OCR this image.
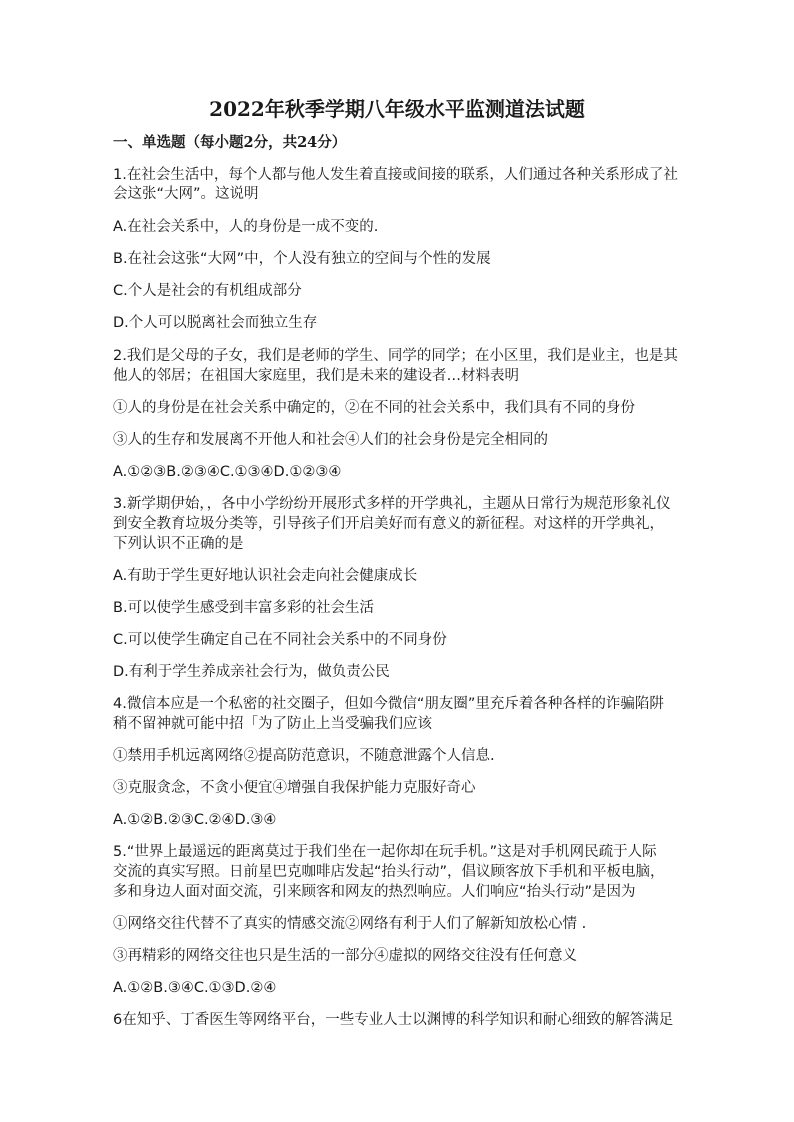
2022年秋季学期八年级水平监测道法试题
一、单选题（每小题2分，共24分）
1.在社会生活中，每个人都与他人发生着直接或间接的联系，人们通过各种关系形成了社
会这张“大网”。这说明
A.在社会关系中，人的身份是一成不变的.
B.在社会这张“大网”中，个人没有独立的空间与个性的发展
C.个人是社会的有机组成部分
D.个人可以脱离社会而独立生存
2.我们是父母的子女，我们是老师的学生、同学的同学；在小区里，我们是业主，也是其
他人的邻居；在祖国大家庭里，我们是未来的建设者…材料表明
①人的身份是在社会关系中确定的，②在不同的社会关系中，我们具有不同的身份
③人的生存和发展离不开他人和社会④人们的社会身份是完全相同的
A.①②③B.②③④C.①③④D.①②③④
3.新学期伊始，，各中小学纷纷开展形式多样的开学典礼，主题从日常行为规范形象礼仪
到安全教育垃圾分类等，引导孩子们开启美好而有意义的新征程。对这样的开学典礼，
下列认识不正确的是
A.有助于学生更好地认识社会走向社会健康成长
B.可以使学生感受到丰富多彩的社会生活
C.可以使学生确定自己在不同社会关系中的不同身份
D.有利于学生养成亲社会行为，做负责公民
4.微信本应是一个私密的社交圈子，但如今微信“朋友圈”里充斥着各种各样的诈骗陷阱
稍不留神就可能中招「为了防止上当受骗我们应该
①禁用手机远离网络②提高防范意识，不随意泄露个人信息.
③克服贪念，不贪小便宜④增强自我保护能力克服好奇心
A.①②B.②③C.②④D.③④
5.“世界上最遥远的距离莫过于我们坐在一起你却在玩手机。”这是对手机网民疏于人际
交流的真实写照。日前星巴克咖啡店发起“抬头行动”，倡议顾客放下手机和平板电脑，
多和身边人面对面交流，引来顾客和网友的热烈响应。人们响应“抬头行动”是因为
①网络交往代替不了真实的情感交流②网络有利于人们了解新知放松心情 .
③再精彩的网络交往也只是生活的一部分④虚拟的网络交往没有任何意义
A.①②B.③④C.①③D.②④
6在知乎、丁香医生等网络平台，一些专业人士以渊博的科学知识和耐心细致的解答满足
